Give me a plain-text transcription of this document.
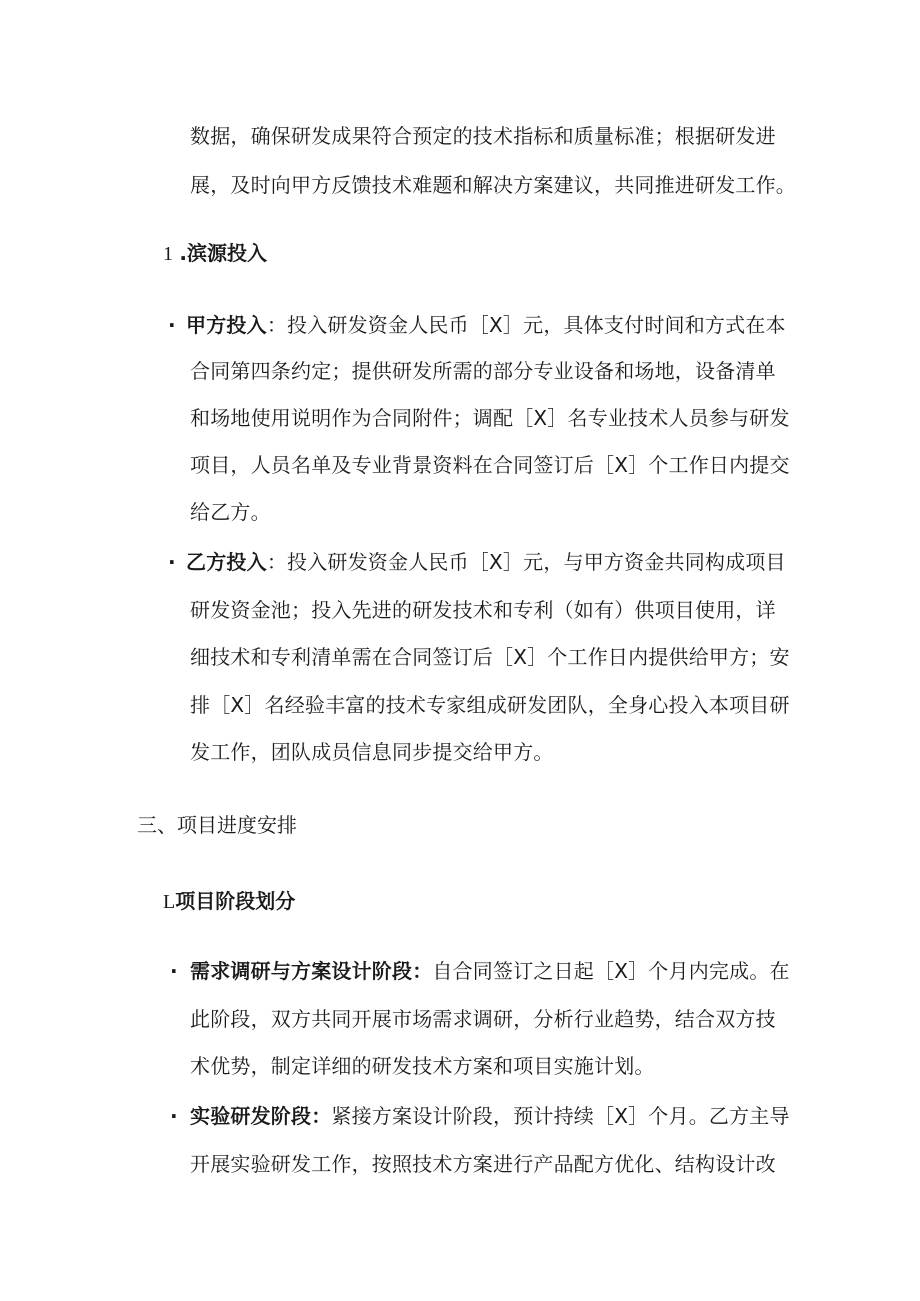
数据，确保研发成果符合预定的技术指标和质量标准；根据研发进
展，及时向甲方反馈技术难题和解决方案建议，共同推进研发工作。
1 .滨源投入
· 甲方投入：投入研发资金人民币［X］元，具体支付时间和方式在本
合同第四条约定；提供研发所需的部分专业设备和场地，设备清单
和场地使用说明作为合同附件；调配［X］名专业技术人员参与研发
项目，人员名单及专业背景资料在合同签订后［X］个工作日内提交
给乙方。
· 乙方投入：投入研发资金人民币［X］元，与甲方资金共同构成项目
研发资金池；投入先进的研发技术和专利（如有）供项目使用，详
细技术和专利清单需在合同签订后［X］个工作日内提供给甲方；安
排［X］名经验丰富的技术专家组成研发团队，全身心投入本项目研
发工作，团队成员信息同步提交给甲方。
三、项目进度安排
L项目阶段划分
· 需求调研与方案设计阶段：自合同签订之日起［X］个月内完成。在
此阶段，双方共同开展市场需求调研，分析行业趋势，结合双方技
术优势，制定详细的研发技术方案和项目实施计划。
· 实验研发阶段：紧接方案设计阶段，预计持续［X］个月。乙方主导
开展实验研发工作，按照技术方案进行产品配方优化、结构设计改
